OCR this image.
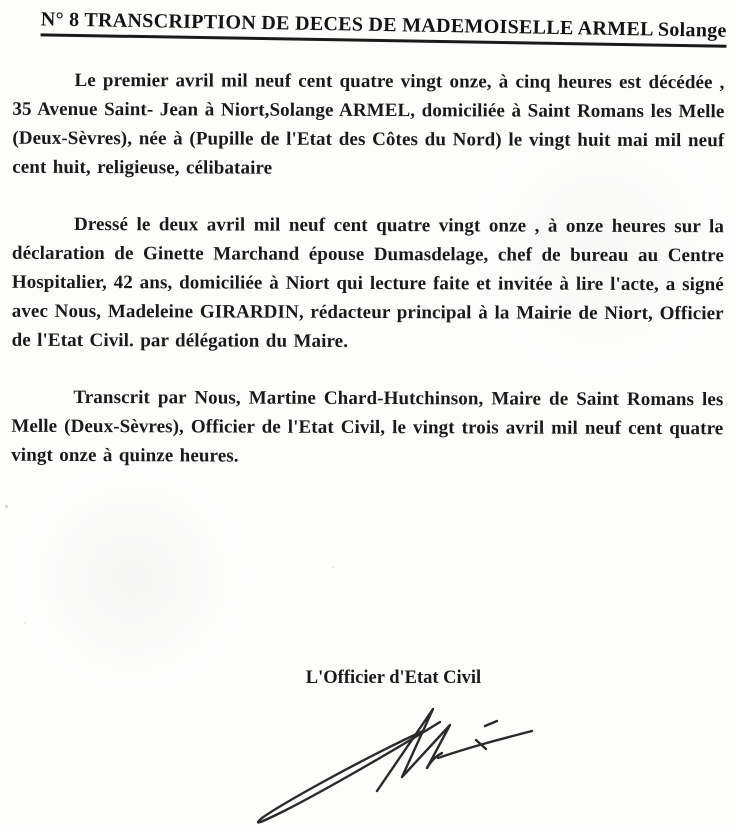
N° 8 TRANSCRIPTION DE DECES DE MADEMOISELLE ARMEL Solange

Le premier avril mil neuf cent quatre vingt onze, à cinq heures est décédée , 35 Avenue Saint- Jean à Niort,Solange ARMEL, domiciliée à Saint Romans les Melle (Deux-Sèvres), née à (Pupille de l'Etat des Côtes du Nord) le vingt huit mai mil neuf cent huit, religieuse, célibataire

Dressé le deux avril mil neuf cent quatre vingt onze , à onze heures sur la déclaration de Ginette Marchand épouse Dumasdelage, chef de bureau au Centre Hospitalier, 42 ans, domiciliée à Niort qui lecture faite et invitée à lire l'acte, a signé avec Nous, Madeleine GIRARDIN, rédacteur principal à la Mairie de Niort, Officier de l'Etat Civil. par délégation du Maire.

Transcrit par Nous, Martine Chard-Hutchinson, Maire de Saint Romans les Melle (Deux-Sèvres), Officier de l'Etat Civil, le vingt trois avril mil neuf cent quatre vingt onze à quinze heures.

L'Officier d'Etat Civil
